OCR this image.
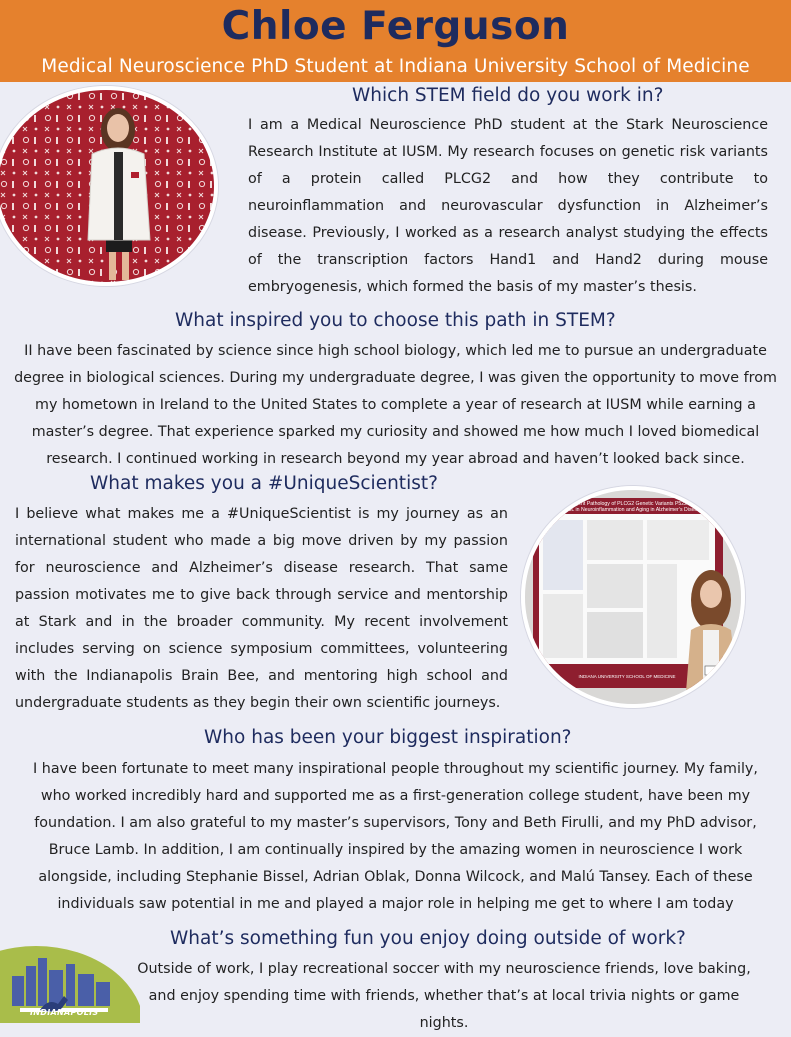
Chloe Ferguson
Medical Neuroscience PhD Student at Indiana University School of Medicine
Which STEM field do you work in?
I am a Medical Neuroscience PhD student at the Stark Neuroscience Research Institute at IUSM. My research focuses on genetic risk variants of a protein called PLCG2 and how they contribute to neuroinflammation and neurovascular dysfunction in Alzheimer’s disease. Previously, I worked as a research analyst studying the effects of the transcription factors Hand1 and Hand2 during mouse embryogenesis, which formed the basis of my master’s thesis.
What inspired you to choose this path in STEM?
II have been fascinated by science since high school biology, which led me to pursue an undergraduate degree in biological sciences. During my undergraduate degree, I was given the opportunity to move from my hometown in Ireland to the United States to complete a year of research at IUSM while earning a master’s degree. That experience sparked my curiosity and showed me how much I loved biomedical research. I continued working in research beyond my year abroad and haven’t looked back since.
What makes you a #UniqueScientist?
I believe what makes me a #UniqueScientist is my journey as an international student who made a big move driven by my passion for neuroscience and Alzheimer’s disease research. That same passion motivates me to give back through service and mentorship at Stark and in the broader community. My recent involvement includes serving on science symposium committees, volunteering with the Indianapolis Brain Bee, and mentoring high school and undergraduate students as they begin their own scientific journeys.
Divergent Pathology of PLCG2 Genetic Variants P522R
and M28L in Neuroinflammation and Aging in Alzheimer’s Disease
INDIANA UNIVERSITY SCHOOL OF MEDICINE
Who has been your biggest inspiration?
I have been fortunate to meet many inspirational people throughout my scientific journey. My family, who worked incredibly hard and supported me as a first-generation college student, have been my foundation. I am also grateful to my master’s supervisors, Tony and Beth Firulli, and my PhD advisor, Bruce Lamb. In addition, I am continually inspired by the amazing women in neuroscience I work alongside, including Stephanie Bissel, Adrian Oblak, Donna Wilcock, and Malú Tansey. Each of these individuals saw potential in me and played a major role in helping me get to where I am today
What’s something fun you enjoy doing outside of work?
Outside of work, I play recreational soccer with my neuroscience friends, love baking, and enjoy spending time with friends, whether that’s at local trivia nights or game nights.
INDIANAPOLIS
